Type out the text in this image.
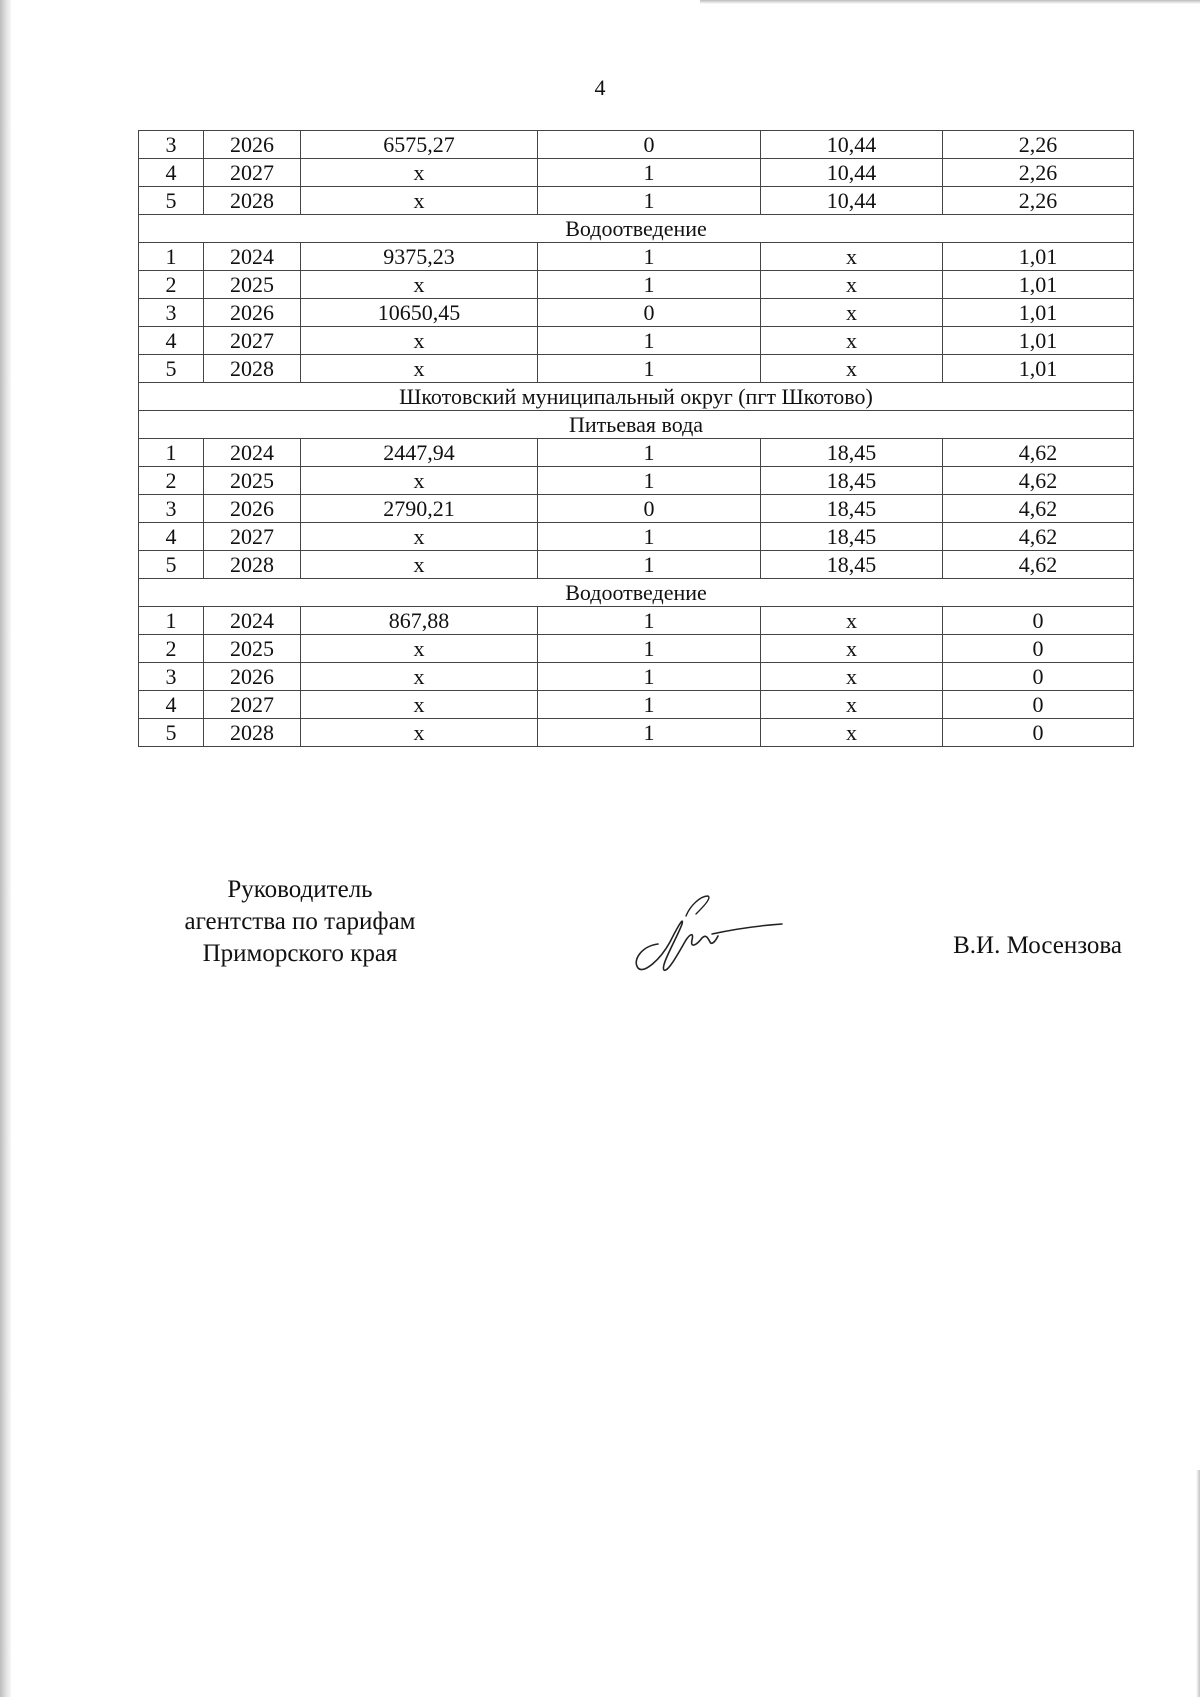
4
3	2026	6575,27	0	10,44	2,26
4	2027	х	1	10,44	2,26
5	2028	х	1	10,44	2,26
Водоотведение					
1	2024	9375,23	1	х	1,01
2	2025	х	1	х	1,01
3	2026	10650,45	0	х	1,01
4	2027	х	1	х	1,01
5	2028	х	1	х	1,01
Шкотовский муниципальный округ (пгт Шкотово)					
Питьевая вода					
1	2024	2447,94	1	18,45	4,62
2	2025	х	1	18,45	4,62
3	2026	2790,21	0	18,45	4,62
4	2027	х	1	18,45	4,62
5	2028	х	1	18,45	4,62
Водоотведение					
1	2024	867,88	1	х	0
2	2025	х	1	х	0
3	2026	х	1	х	0
4	2027	х	1	х	0
5	2028	х	1	х	0
Руководитель
агентства по тарифам
Приморского края	В.И. Мосензова
